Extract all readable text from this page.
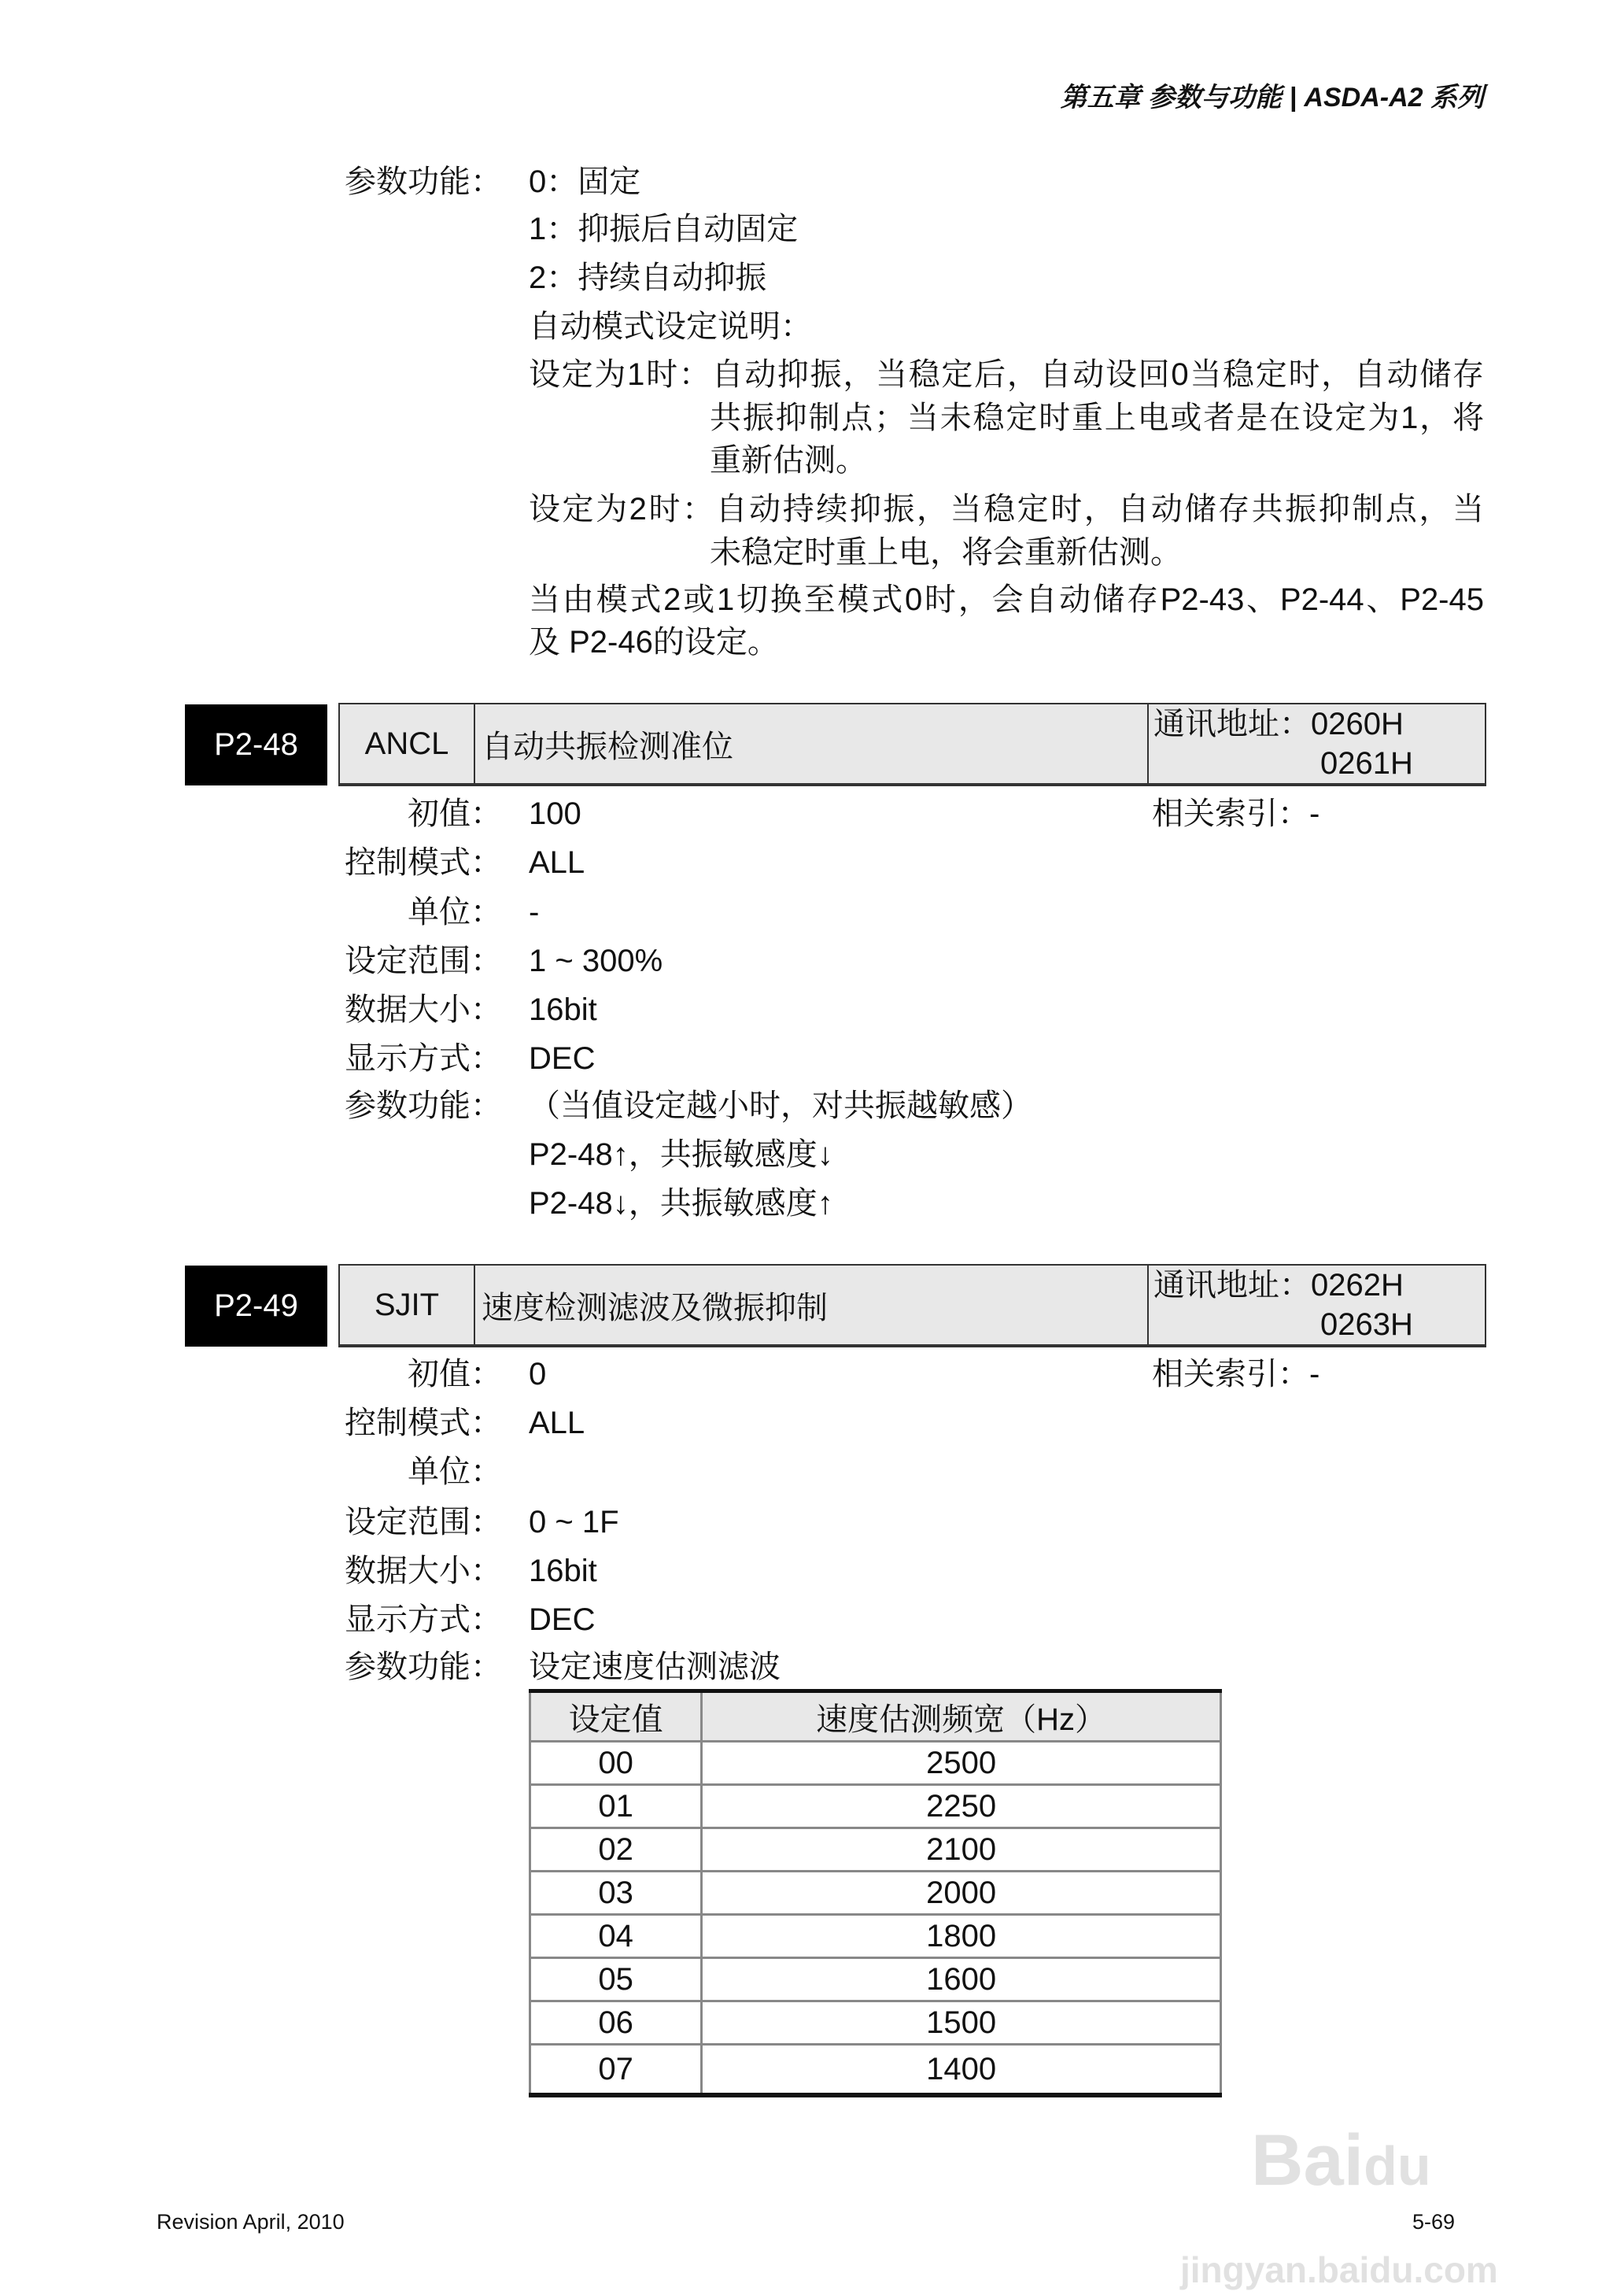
第五章 参数与功能 | ASDA-A2 系列
参数功能： 0：固定
1：抑振后自动固定
2：持续自动抑振
自动模式设定说明：
设定为1时：自动抑振，当稳定后，自动设回0当稳定时，自动储存
共振抑制点；当未稳定时重上电或者是在设定为1，将
重新估测。
设定为2时：自动持续抑振，当稳定时，自动储存共振抑制点，当
未稳定时重上电，将会重新估测。
当由模式2或1切换至模式0时，会自动储存P2-43、P2-44、P2-45
及 P2-46的设定。
P2-48	ANCL	自动共振检测准位
通讯地址：0260H
0261H
相关索引：-
初值： 100
控制模式： ALL
单位： -
设定范围： 1 ~ 300%
数据大小： 16bit
显示方式： DEC
参数功能： （当值设定越小时，对共振越敏感）
P2-48↑，共振敏感度↓
P2-48↓，共振敏感度↑
P2-49	SJIT	速度检测滤波及微振抑制
通讯地址：0262H
0263H
相关索引：-
初值： 0
控制模式： ALL
单位：
设定范围： 0 ~ 1F
数据大小： 16bit
显示方式： DEC
参数功能： 设定速度估测滤波
设定值	速度估测频宽（Hz）
00	2500
01	2250
02	2100
03	2000
04	1800
05	1600
06	1500
07	1400
Revision April, 2010	5-69
Baidu
jingyan.baidu.com
